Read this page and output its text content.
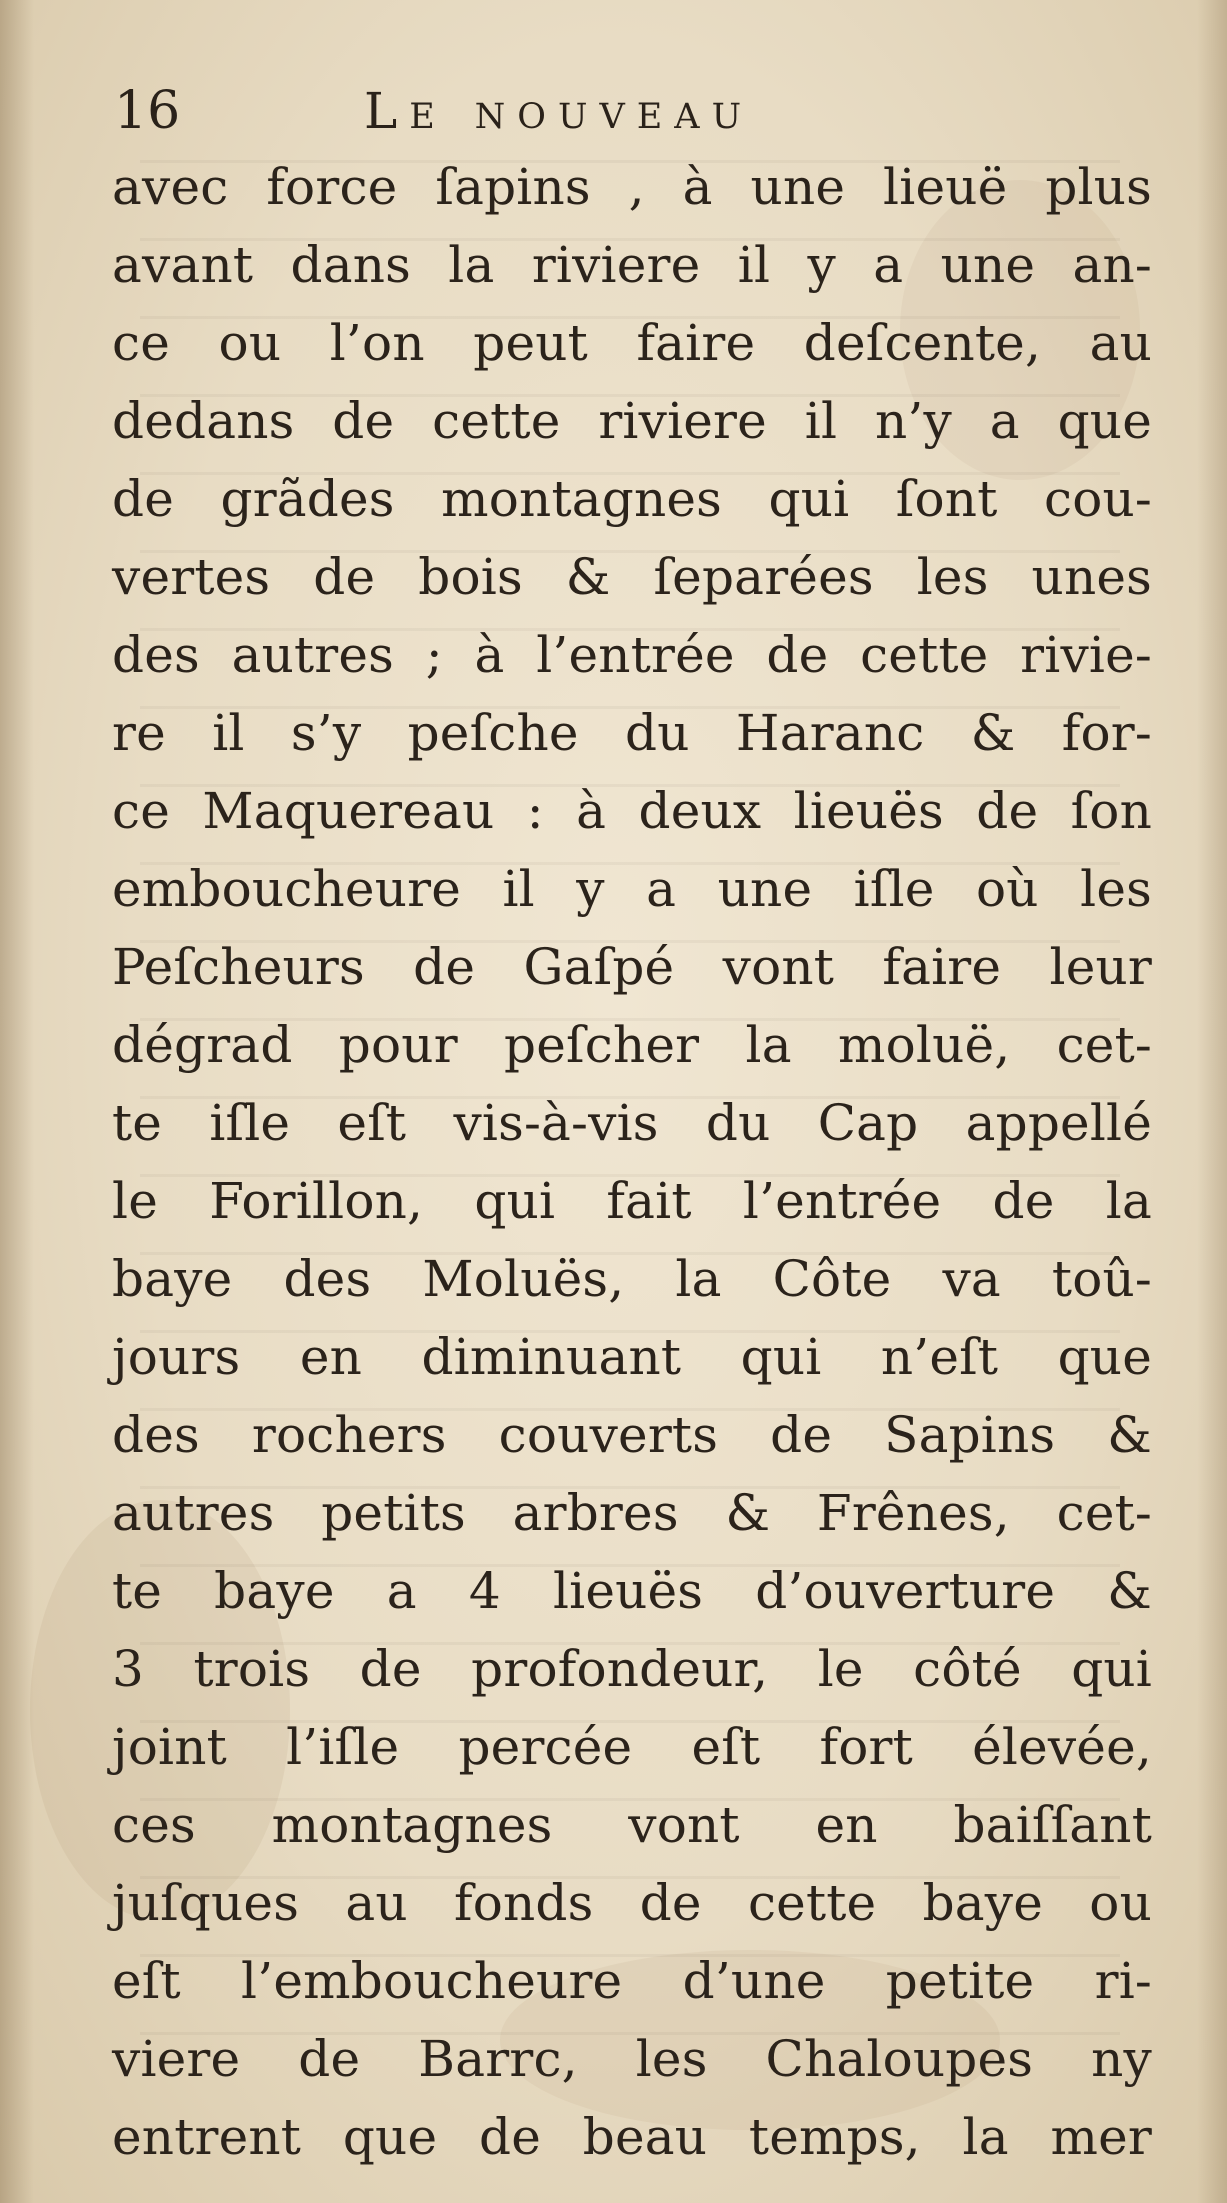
16	Le nouveau
avec force ſapins , à une lieuë plus
avant dans la riviere il y a une an-
ce ou l’on peut faire deſcente, au
dedans de cette riviere il n’y a que
de grãdes montagnes qui ſont cou-
vertes de bois & ſeparées les unes
des autres ; à l’entrée de cette rivie-
re il s’y peſche du Haranc & for-
ce Maquereau : à deux lieuës de ſon
emboucheure il y a une iſle où les
Peſcheurs de Gaſpé vont faire leur
dégrad pour peſcher la moluë, cet-
te iſle eſt vis-à-vis du Cap appellé
le Forillon, qui fait l’entrée de la
baye des Moluës, la Côte va toû-
jours en diminuant qui n’eſt que
des rochers couverts de Sapins &
autres petits arbres & Frênes, cet-
te baye a 4 lieuës d’ouverture &
3 trois de profondeur, le côté qui
joint l’iſle percée eſt fort élevée,
ces montagnes vont en baiſſant
juſques au fonds de cette baye ou
eſt l’emboucheure d’une petite ri-
viere de Barrc, les Chaloupes ny
entrent que de beau temps, la mer
